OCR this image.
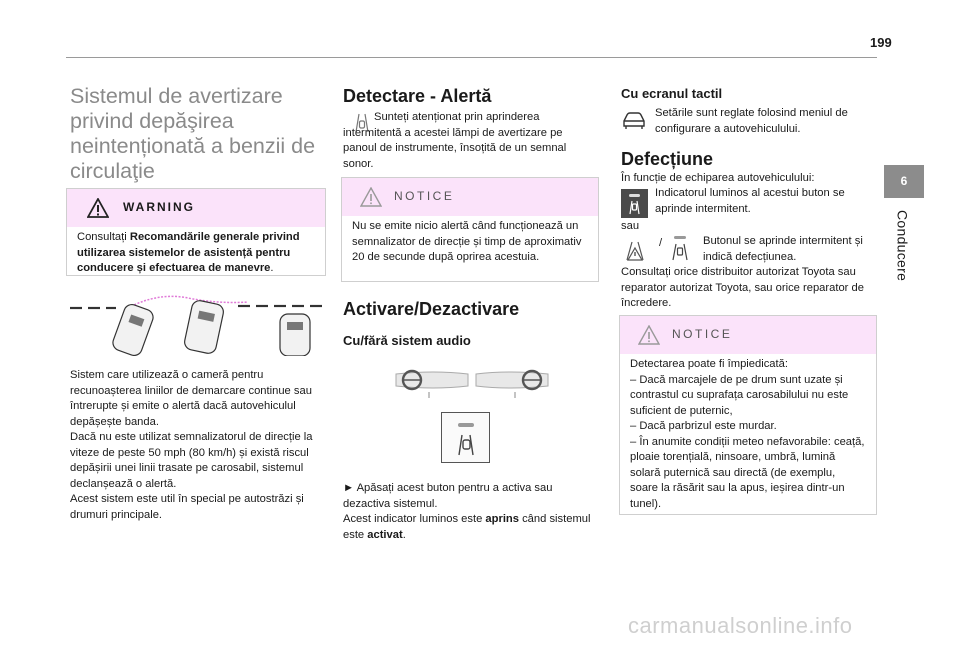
199
6
Conducere
Sistemul de avertizare privind depăşirea neintenționată a benzii de circulaţie
WARNING
Consultați Recomandările generale privind utilizarea sistemelor de asistență pentru conducere și efectuarea de manevre.
Sistem care utilizează o cameră pentru recunoașterea liniilor de demarcare continue sau întrerupte și emite o alertă dacă autovehiculul depășește banda.
Dacă nu este utilizat semnalizatorul de direcție la viteze de peste 50 mph (80 km/h) și există riscul depășirii unei linii trasate pe carosabil, sistemul declanșează o alertă.
Acest sistem este util în special pe autostrăzi și drumuri principale.
Detectare - Alertă
Sunteți atenționat prin aprinderea intermitentă a acestei lămpi de avertizare pe panoul de instrumente, însoțită de un semnal sonor.
NOTICE
Nu se emite nicio alertă când funcționează un semnalizator de direcție și timp de aproximativ 20 de secunde după oprirea acestuia.
Activare/Dezactivare
Cu/fără sistem audio
► Apăsați acest buton pentru a activa sau dezactiva sistemul.
Acest indicator luminos este aprins când sistemul este activat.
Cu ecranul tactil
Setările sunt reglate folosind meniul de configurare a autovehiculului.
Defecțiune
În funcție de echiparea autovehiculului:
Indicatorul luminos al acestui buton se aprinde intermitent.
sau
/	Butonul se aprinde intermitent și indică defecțiunea.
Consultați orice distribuitor autorizat Toyota sau reparator autorizat Toyota, sau orice reparator de încredere.
NOTICE
Detectarea poate fi împiedicată:
– Dacă marcajele de pe drum sunt uzate și contrastul cu suprafața carosabilului nu este suficient de puternic,
– Dacă parbrizul este murdar.
– În anumite condiții meteo nefavorabile: ceață, ploaie torențială, ninsoare, umbră, lumină solară puternică sau directă (de exemplu, soare la răsărit sau la apus, ieșirea dintr-un tunel).
carmanualsonline.info
